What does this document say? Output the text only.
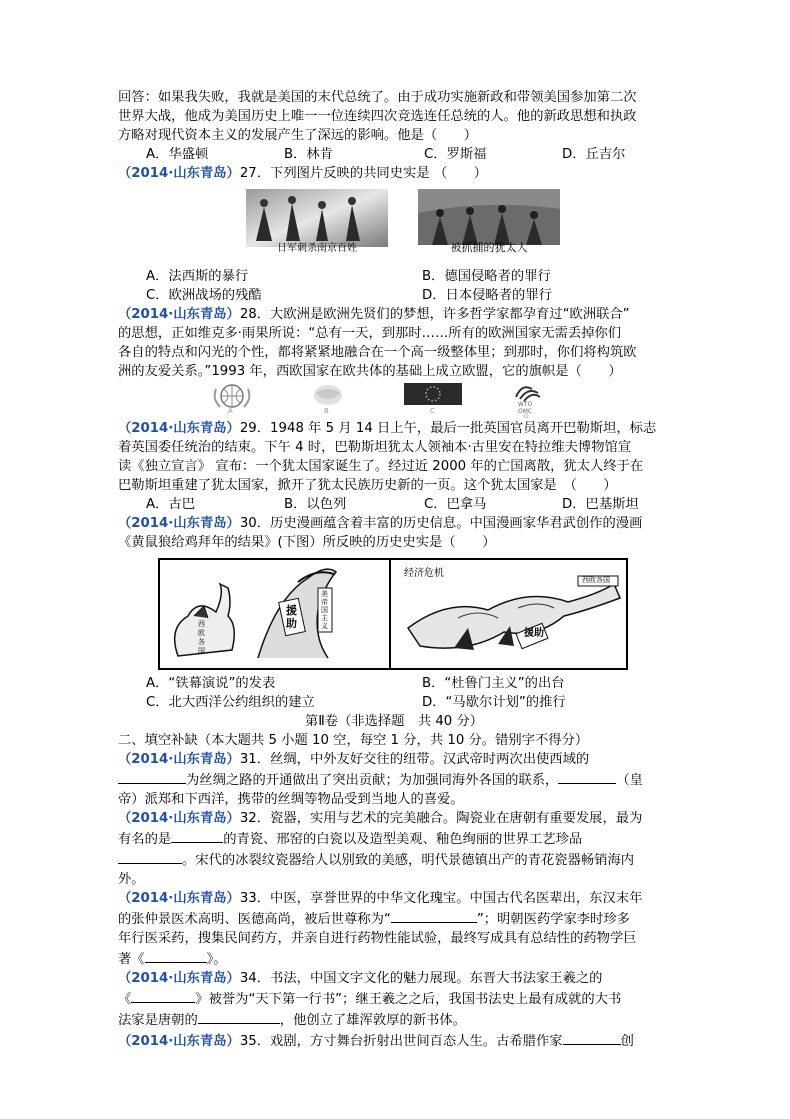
回答：如果我失败，我就是美国的末代总统了。由于成功实施新政和带领美国参加第二次

世界大战，他成为美国历史上唯一一位连续四次竞选连任总统的人。他的新政思想和执政

方略对现代资本主义的发展产生了深远的影响。他是（　　）

A．华盛顿	B．林肯	C．罗斯福	D．丘吉尔

（2014·山东青岛）27．下列图片反映的共同史实是 （　　）

日军刺杀南京百姓	被抓捕的犹太人
A．法西斯的暴行	B．德国侵略者的罪行
C．欧洲战场的残酷	D．日本侵略者的罪行

（2014·山东青岛）28．大欧洲是欧洲先贤们的梦想，许多哲学家都孕育过“欧洲联合”

的思想，正如维克多·雨果所说：“总有一天，到那时……所有的欧洲国家无需丢掉你们

各自的特点和闪光的个性，都将紧紧地融合在一个高一级整体里；到那时，你们将构筑欧

洲的友爱关系。”1993 年，西欧国家在欧共体的基础上成立欧盟，它的旗帜是（　　）

A	B	C
WTO
OMC
D

（2014·山东青岛）29．1948 年 5 月 14 日上午，最后一批英国官员离开巴勒斯坦，标志

着英国委任统治的结束。下午 4 时，巴勒斯坦犹太人领袖本·古里安在特拉维夫博物馆宣

读《独立宣言》 宣布：一个犹太国家诞生了。经过近 2000 年的亡国离散，犹太人终于在

巴勒斯坦重建了犹太国家，掀开了犹太民族历史新的一页。这个犹太国家是　（　　）

A．古巴	B．以色列	C．巴拿马	D．巴基斯坦

（2014·山东青岛）30．历史漫画蕴含着丰富的历史信息。中国漫画家华君武创作的漫画

《黄鼠狼给鸡拜年的结果》(下图）所反映的历史史实是（　　）

援助
西欧各国
美帝国主义
经济危机
西欧各国
援助
A．“铁幕演说”的发表	B．“杜鲁门主义”的出台
C．北大西洋公约组织的建立	D．“马歇尔计划”的推行

第Ⅱ卷（非选择题　共 40 分）

二、填空补缺（本大题共 5 小题 10 空，每空 1 分，共 10 分。错别字不得分）

（2014·山东青岛）31．丝绸，中外友好交往的纽带。汉武帝时两次出使西域的

为丝绸之路的开通做出了突出贡献；为加强同海外各国的联系，	（皇

帝）派郑和下西洋，携带的丝绸等物品受到当地人的喜爱。

（2014·山东青岛）32．瓷器，实用与艺术的完美融合。陶瓷业在唐朝有重要发展，最为

有名的是	的青瓷、邢窑的白瓷以及造型美观、釉色绚丽的世界工艺珍品

。宋代的冰裂纹瓷器给人以别致的美感，明代景德镇出产的青花瓷器畅销海内

外。

（2014·山东青岛）33．中医，享誉世界的中华文化瑰宝。中国古代名医辈出，东汉末年

的张仲景医术高明、医德高尚，被后世尊称为“	”；明朝医药学家李时珍多

年行医采药，搜集民间药方，并亲自进行药物性能试验，最终写成具有总结性的药物学巨

著《	》。

（2014·山东青岛）34．书法，中国文字文化的魅力展现。东晋大书法家王羲之的

《	》被誉为“天下第一行书”；继王羲之之后，我国书法史上最有成就的大书

法家是唐朝的	，他创立了雄浑敦厚的新书体。

（2014·山东青岛）35．戏剧，方寸舞台折射出世间百态人生。古希腊作家	创
